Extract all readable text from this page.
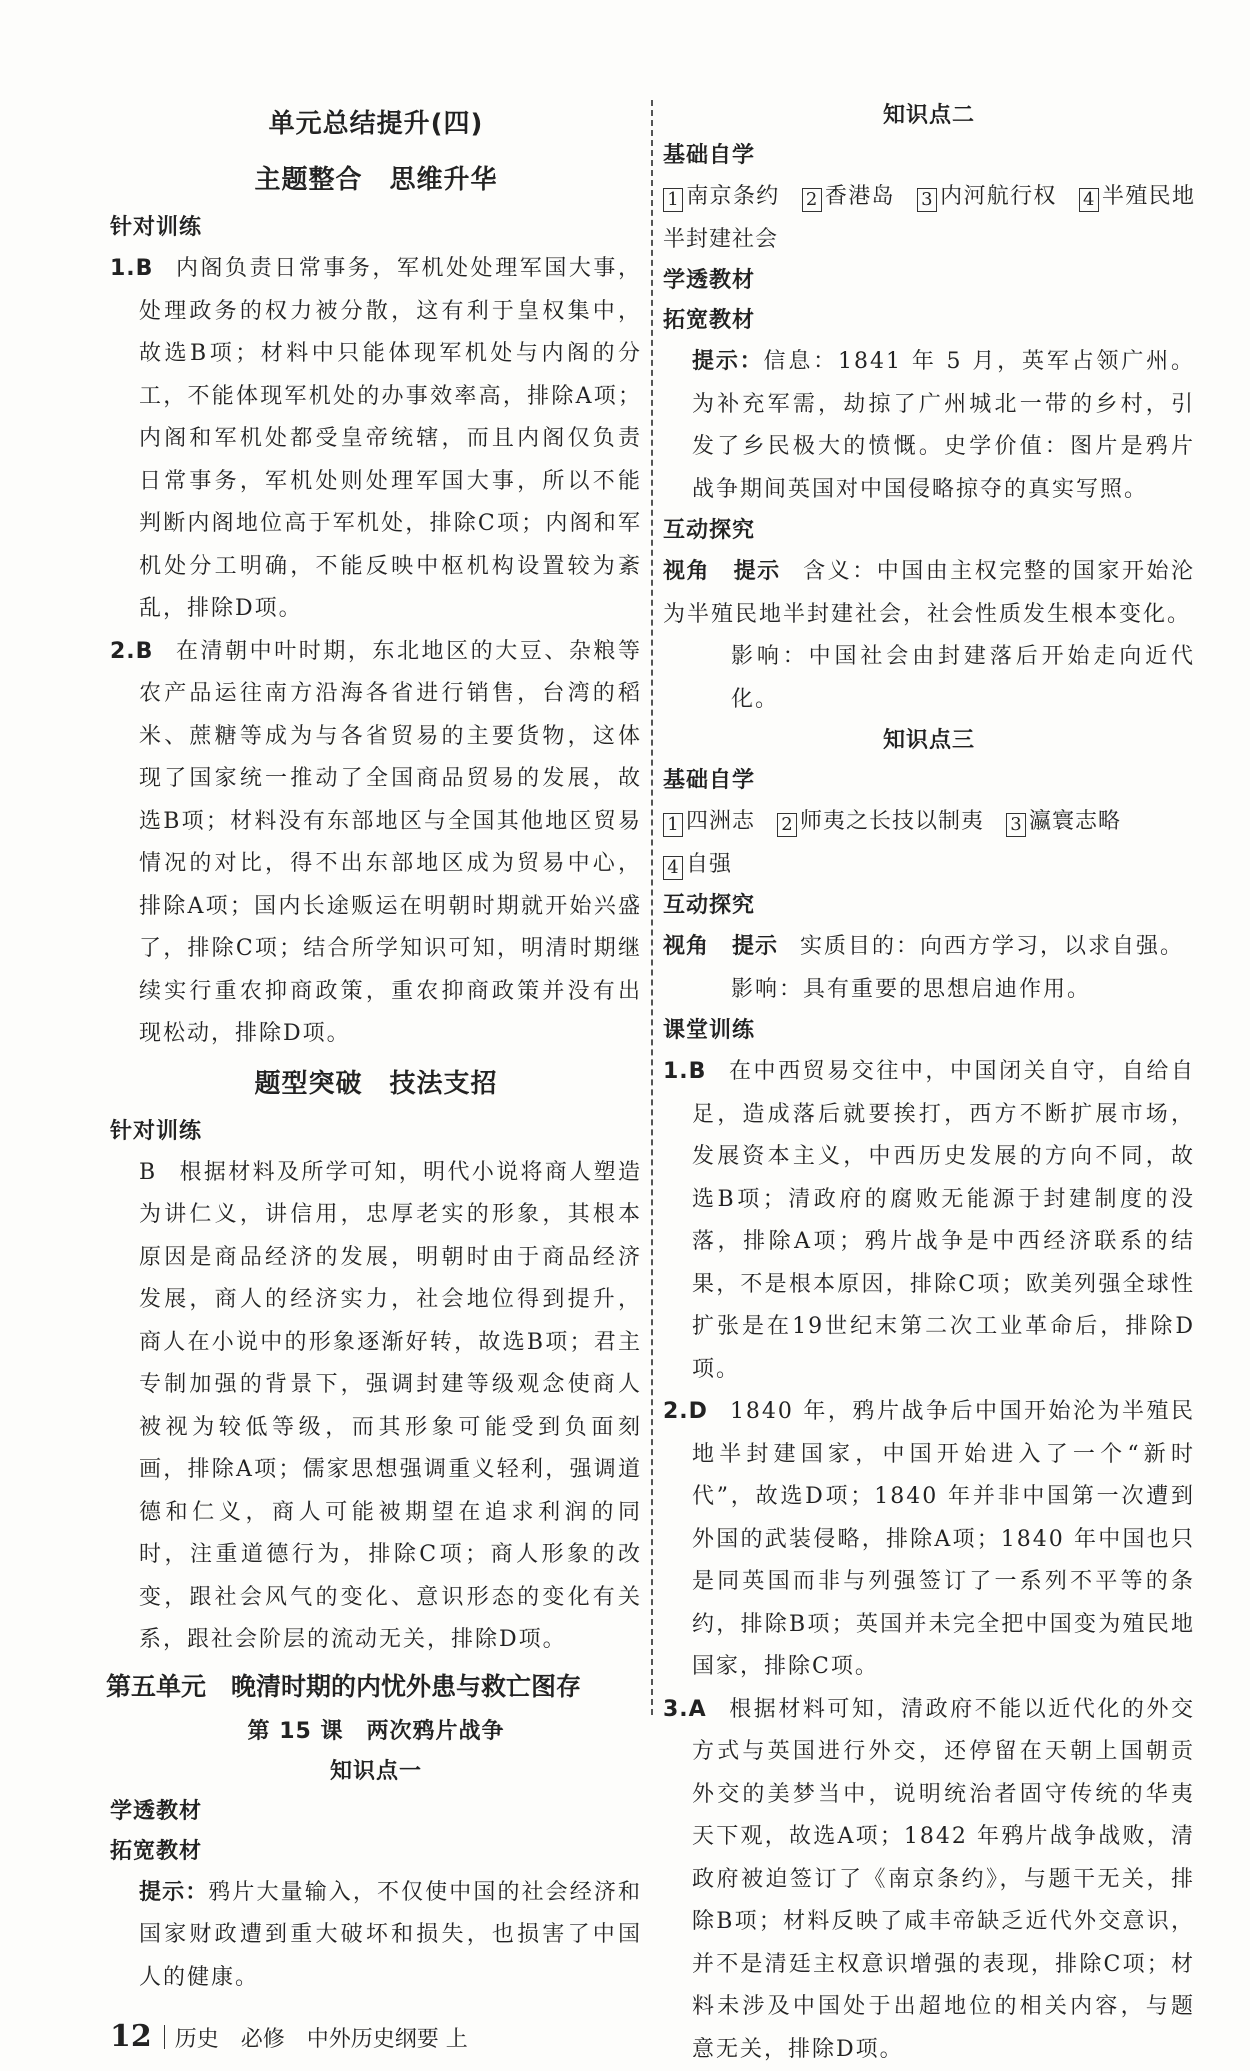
单元总结提升(四)
主题整合　思维升华
针对训练
1.B 内阁负责日常事务，军机处处理军国大事，处理政务的权力被分散，这有利于皇权集中，故选B项；材料中只能体现军机处与内阁的分工，不能体现军机处的办事效率高，排除A项；内阁和军机处都受皇帝统辖，而且内阁仅负责日常事务，军机处则处理军国大事，所以不能判断内阁地位高于军机处，排除C项；内阁和军机处分工明确，不能反映中枢机构设置较为紊乱，排除D项。
2.B 在清朝中叶时期，东北地区的大豆、杂粮等农产品运往南方沿海各省进行销售，台湾的稻米、蔗糖等成为与各省贸易的主要货物，这体现了国家统一推动了全国商品贸易的发展，故选B项；材料没有东部地区与全国其他地区贸易情况的对比，得不出东部地区成为贸易中心，排除A项；国内长途贩运在明朝时期就开始兴盛了，排除C项；结合所学知识可知，明清时期继续实行重农抑商政策，重农抑商政策并没有出现松动，排除D项。
题型突破　技法支招
针对训练
B 根据材料及所学可知，明代小说将商人塑造为讲仁义，讲信用，忠厚老实的形象，其根本原因是商品经济的发展，明朝时由于商品经济发展，商人的经济实力，社会地位得到提升，商人在小说中的形象逐渐好转，故选B项；君主专制加强的背景下，强调封建等级观念使商人被视为较低等级，而其形象可能受到负面刻画，排除A项；儒家思想强调重义轻利，强调道德和仁义，商人可能被期望在追求利润的同时，注重道德行为，排除C项；商人形象的改变，跟社会风气的变化、意识形态的变化有关系，跟社会阶层的流动无关，排除D项。
第五单元　晚清时期的内忧外患与救亡图存
第 15 课　两次鸦片战争
知识点一
学透教材
拓宽教材
提示：鸦片大量输入，不仅使中国的社会经济和国家财政遭到重大破坏和损失，也损害了中国人的健康。
12 历史　必修　中外历史纲要 上
知识点二
基础自学
1 南京条约 2 香港岛 3 内河航行权 4 半殖民地半封建社会
学透教材
拓宽教材
提示：信息：1841 年 5 月，英军占领广州。为补充军需，劫掠了广州城北一带的乡村，引发了乡民极大的愤慨。史学价值：图片是鸦片战争期间英国对中国侵略掠夺的真实写照。
互动探究
视角　提示 含义：中国由主权完整的国家开始沦为半殖民地半封建社会，社会性质发生根本变化。
影响：中国社会由封建落后开始走向近代化。
知识点三
基础自学
1 四洲志 2 师夷之长技以制夷 3 瀛寰志略
4 自强
互动探究
视角　提示 实质目的：向西方学习，以求自强。
影响：具有重要的思想启迪作用。
课堂训练
1.B 在中西贸易交往中，中国闭关自守，自给自足，造成落后就要挨打，西方不断扩展市场，发展资本主义，中西历史发展的方向不同，故选B项；清政府的腐败无能源于封建制度的没落，排除A项；鸦片战争是中西经济联系的结果，不是根本原因，排除C项；欧美列强全球性扩张是在19世纪末第二次工业革命后，排除D项。
2.D 1840 年，鸦片战争后中国开始沦为半殖民地半封建国家，中国开始进入了一个“新时代”，故选D项；1840 年并非中国第一次遭到外国的武装侵略，排除A项；1840 年中国也只是同英国而非与列强签订了一系列不平等的条约，排除B项；英国并未完全把中国变为殖民地国家，排除C项。
3.A 根据材料可知，清政府不能以近代化的外交方式与英国进行外交，还停留在天朝上国朝贡外交的美梦当中，说明统治者固守传统的华夷天下观，故选A项；1842 年鸦片战争战败，清政府被迫签订了《南京条约》，与题干无关，排除B项；材料反映了咸丰帝缺乏近代外交意识，并不是清廷主权意识增强的表现，排除C项；材料未涉及中国处于出超地位的相关内容，与题意无关，排除D项。
